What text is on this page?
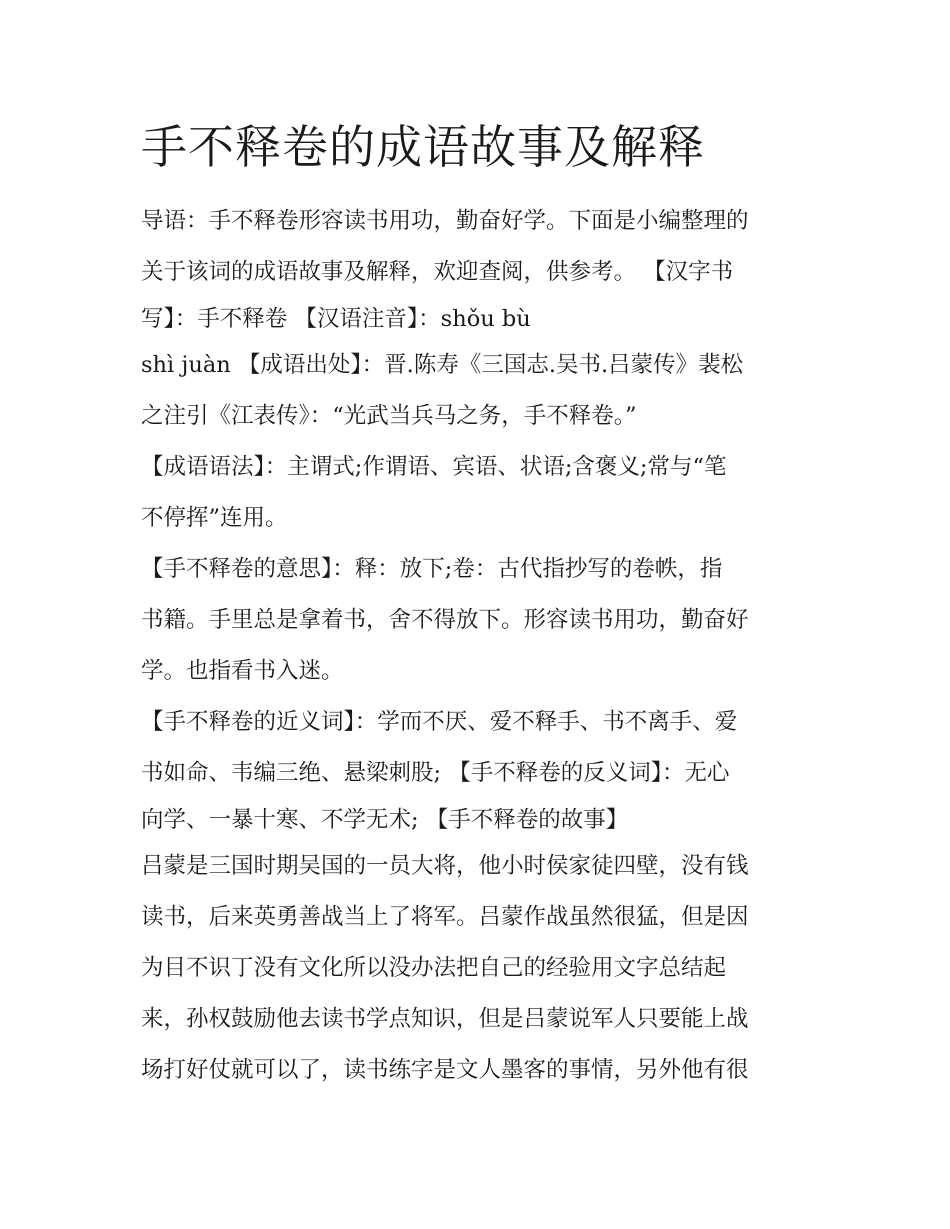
手不释卷的成语故事及解释
导语：手不释卷形容读书用功，勤奋好学。下面是小编整理的
关于该词的成语故事及解释，欢迎查阅，供参考。 【汉字书
写】：手不释卷 【汉语注音】：shǒu bù
shì juàn 【成语出处】：晋.陈寿《三国志.吴书.吕蒙传》裴松
之注引《江表传》：“光武当兵马之务，手不释卷。”
【成语语法】：主谓式;作谓语、宾语、状语;含褒义;常与“笔
不停挥”连用。
【手不释卷的意思】：释：放下;卷：古代指抄写的卷帙，指
书籍。手里总是拿着书，舍不得放下。形容读书用功，勤奋好
学。也指看书入迷。
【手不释卷的近义词】：学而不厌、爱不释手、书不离手、爱
书如命、韦编三绝、悬梁刺股; 【手不释卷的反义词】：无心
向学、一暴十寒、不学无术; 【手不释卷的故事】
吕蒙是三国时期吴国的一员大将，他小时侯家徒四壁，没有钱
读书，后来英勇善战当上了将军。吕蒙作战虽然很猛，但是因
为目不识丁没有文化所以没办法把自己的经验用文字总结起
来，孙权鼓励他去读书学点知识，但是吕蒙说军人只要能上战
场打好仗就可以了，读书练字是文人墨客的事情，另外他有很
